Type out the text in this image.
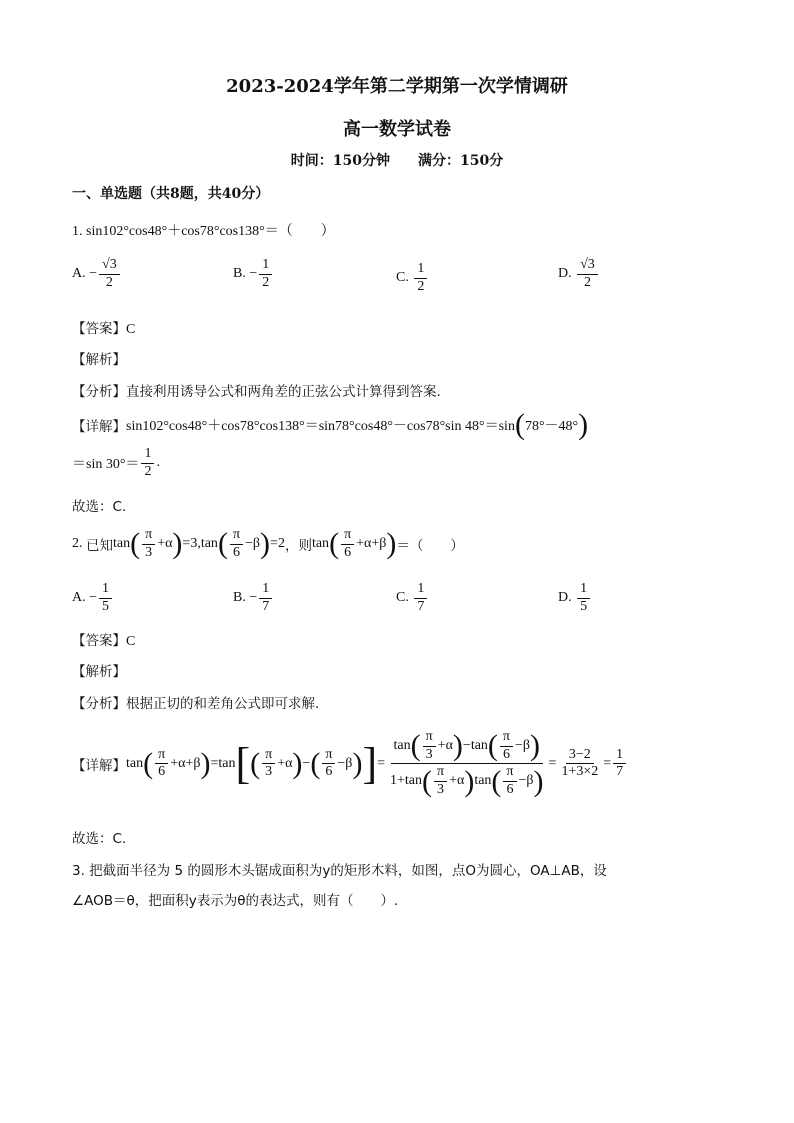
2023-2024学年第二学期第一次学情调研
高一数学试卷
时间：150分钟　　满分：150分
一、单选题（共8题，共40分）
1. sin102°cos48°＋cos78°cos138°＝（　　）
A.
− $\frac{√3}{2}$	B.
− $\frac{1}{2}$	C.
$\frac{1}{2}$	D.
$\frac{√3}{2}$
【答案】C
【解析】
【分析】直接利用诱导公式和两角差的正弦公式计算得到答案.
【详解】 sin102°cos48°＋cos78°cos138°＝sin78°cos48°－cos78°sin 48°＝sin ( 78°－48° )
＝sin $30^\circ= \frac{1}{2}$ .
故选：C.
2.
已知 tan ( $\frac{\pi}{3} +\alpha$ ) = 3, tan ( $\frac{\pi}{6} -\beta$ ) = 2 ，则 tan ( $\frac{\pi}{6} +\alpha+\beta$ ) ＝（　　）
A.
− $\frac{1}{5}$	B.
− $\frac{1}{7}$	C.
$\frac{1}{7}$	D.
$\frac{1}{5}$
【答案】C
【解析】
【分析】根据正切的和差角公式即可求解.
【详解】 tan ( $\frac{\pi}{6} +\alpha+\beta$ ) = tan [ ( $\frac{\pi}{3} +\alpha$ ) − ( $\frac{\pi}{6} -\beta$ ) ] = $\frac{\tan ( \frac{\pi}{3} +\alpha ) -\tan ( \frac{\pi}{6} -\beta )}{1+\tan ( \frac{\pi}{3} +\alpha ) \tan ( \frac{\pi}{6} -\beta )} = \frac{3-2}{1+3\times 2} = \frac{1}{7}$
故选：C.
3. 把截面半径为 5 的圆形木头锯成面积为y的矩形木料，如图，点O为圆心，OA⊥AB，设
∠AOB＝θ，把面积y表示为θ的表达式，则有（　　）.
